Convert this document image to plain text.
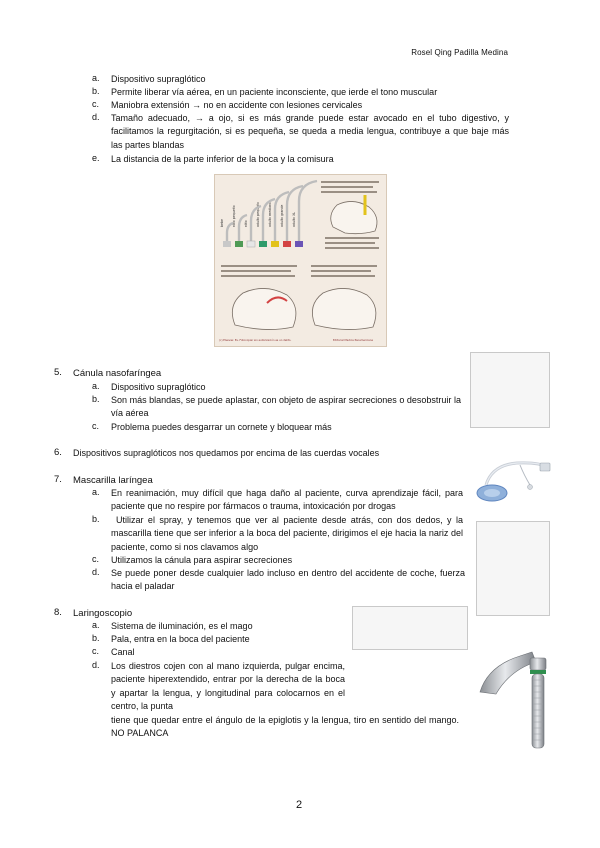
Rosel Qing Padilla Medina
a. Dispositivo supraglótico
b. Permite liberar vía aérea, en un paciente inconsciente, que ierde el tono muscular
c. Maniobra extensión → no en accidente con lesiones cervicales
d. Tamaño adecuado, → a ojo, si es más grande puede estar avocado en el tubo digestivo, y facilitamos la regurgitación, si es pequeña, se queda a media lengua, contribuye a que baje más las partes blandas
e. La distancia de la parte inferior de la boca y la comisura
bebe	niño pequeño	niño	adulto pequeño	adulto mediano	adulto grande	adulto XL
(c) Elsevier. Es. Fotocopiar sin autorización es un delito.	Editorial Medica Panamericana
5. Cánula nasofaríngea
a. Dispositivo supraglótico
b. Son más blandas, se puede aplastar, con objeto de aspirar secreciones o desobstruir la vía aérea
c. Problema puedes desgarrar un cornete y bloquear más
6. Dispositivos supraglóticos nos quedamos por encima de las cuerdas vocales
7. Mascarilla laríngea
a. En reanimación, muy difícil que haga daño al paciente, curva aprendizaje fácil, para paciente que no respire por fármacos o trauma, intoxicación por drogas
b.	Utilizar el spray, y tenemos que ver al paciente desde atrás, con dos dedos, y la mascarilla tiene que ser inferior a la boca del paciente, dirigimos el eje hacia la nariz del paciente, como si nos clavamos algo
c. Utilizamos la cánula para aspirar secreciones
d. Se puede poner desde cualquier lado incluso en dentro del accidente de coche, fuerza hacia el paladar
8. Laringoscopio
a. Sistema de iluminación, es el mago
b. Pala, entra en la boca del paciente
c. Canal
d. Los diestros cojen con al mano izquierda, pulgar encima, paciente hiperextendido, entrar por la derecha de la boca y apartar la lengua, y longitudinal para colocarnos en el centro, la punta
tiene que quedar entre el ángulo de la epiglotis y la lengua, tiro en sentido del mango. NO PALANCA
2
